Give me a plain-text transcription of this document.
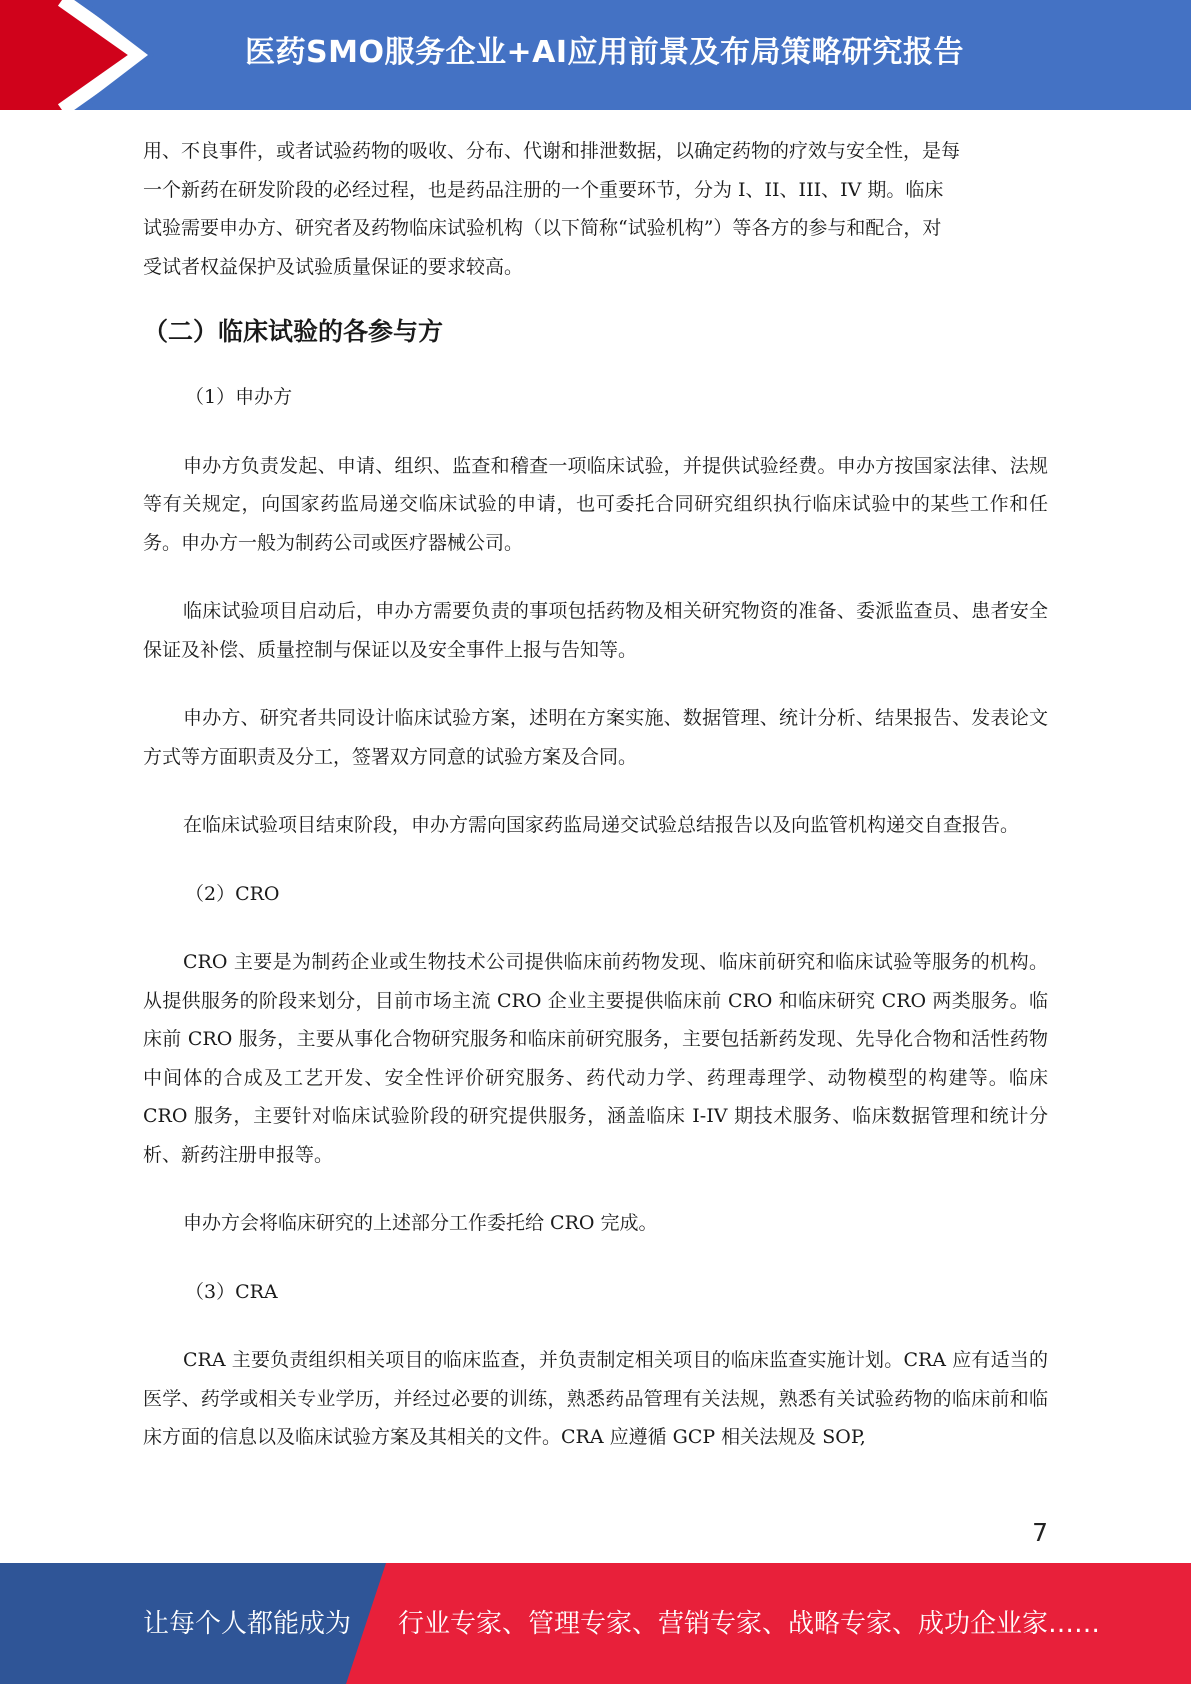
医药SMO服务企业+AI应用前景及布局策略研究报告

用、不良事件，或者试验药物的吸收、分布、代谢和排泄数据，以确定药物的疗效与安全性，是每

一个新药在研发阶段的必经过程，也是药品注册的一个重要环节，分为 I、II、III、IV 期。临床

试验需要申办方、研究者及药物临床试验机构（以下简称“试验机构”）等各方的参与和配合，对

受试者权益保护及试验质量保证的要求较高。

（二）临床试验的各参与方

（1）申办方

申办方负责发起、申请、组织、监查和稽查一项临床试验，并提供试验经费。申办方按国家法律、法规等有关规定，向国家药监局递交临床试验的申请，也可委托合同研究组织执行临床试验中的某些工作和任务。申办方一般为制药公司或医疗器械公司。

临床试验项目启动后，申办方需要负责的事项包括药物及相关研究物资的准备、委派监查员、患者安全保证及补偿、质量控制与保证以及安全事件上报与告知等。

申办方、研究者共同设计临床试验方案，述明在方案实施、数据管理、统计分析、结果报告、发表论文方式等方面职责及分工，签署双方同意的试验方案及合同。

在临床试验项目结束阶段，申办方需向国家药监局递交试验总结报告以及向监管机构递交自查报告。

（2）CRO

CRO 主要是为制药企业或生物技术公司提供临床前药物发现、临床前研究和临床试验等服务的机构。从提供服务的阶段来划分，目前市场主流 CRO 企业主要提供临床前 CRO 和临床研究 CRO 两类服务。临床前 CRO 服务，主要从事化合物研究服务和临床前研究服务，主要包括新药发现、先导化合物和活性药物中间体的合成及工艺开发、安全性评价研究服务、药代动力学、药理毒理学、动物模型的构建等。临床 CRO 服务，主要针对临床试验阶段的研究提供服务，涵盖临床 I-IV 期技术服务、临床数据管理和统计分析、新药注册申报等。

申办方会将临床研究的上述部分工作委托给 CRO 完成。

（3）CRA

CRA 主要负责组织相关项目的临床监查，并负责制定相关项目的临床监查实施计划。CRA 应有适当的医学、药学或相关专业学历，并经过必要的训练，熟悉药品管理有关法规，熟悉有关试验药物的临床前和临床方面的信息以及临床试验方案及其相关的文件。CRA 应遵循 GCP 相关法规及 SOP,

7
让每个人都能成为 行业专家、管理专家、营销专家、战略专家、成功企业家……
